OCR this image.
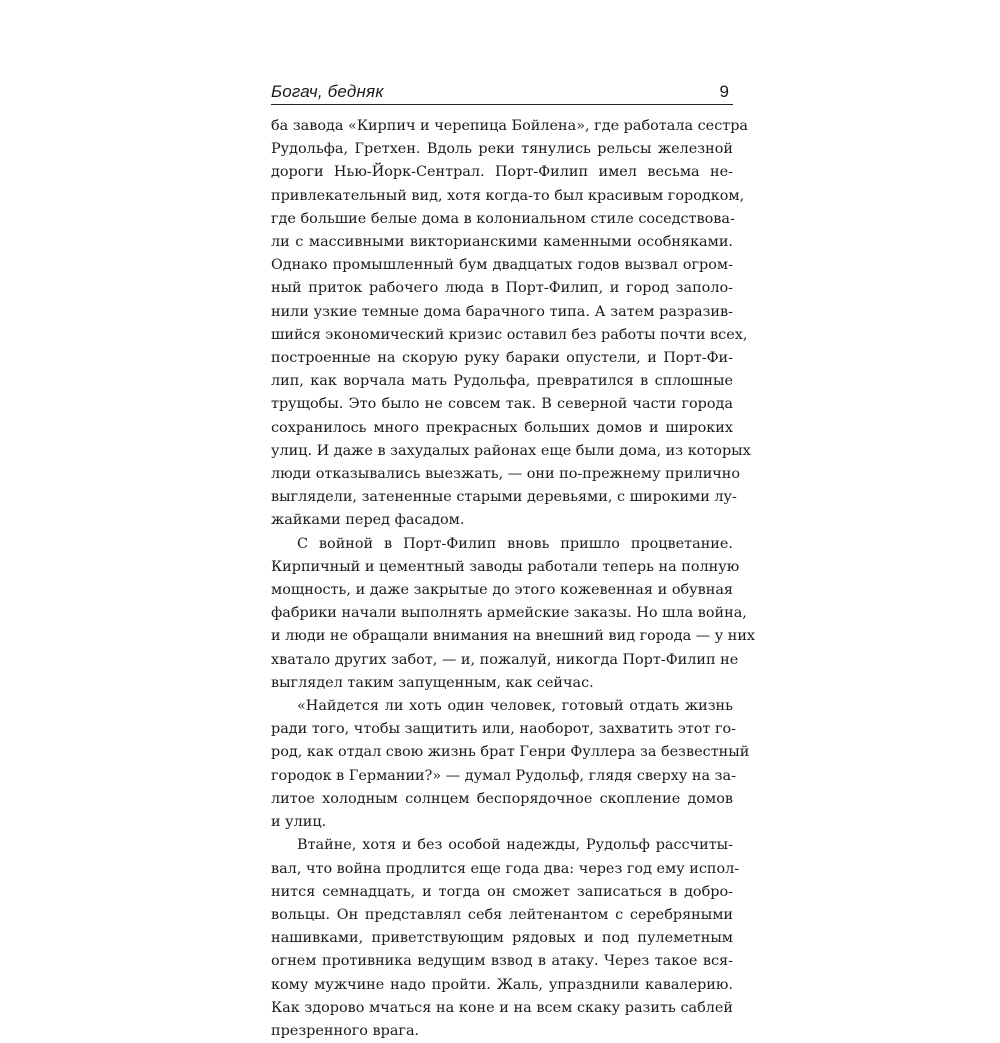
Богач, бедняк	9

ба завода «Кирпич и черепица Бойлена», где работала сестра
Рудольфа, Гретхен. Вдоль реки тянулись рельсы железной
дороги Нью-Йорк-Сентрал. Порт-Филип имел весьма не-
привлекательный вид, хотя когда-то был красивым городком,
где большие белые дома в колониальном стиле соседствова-
ли с массивными викторианскими каменными особняками.
Однако промышленный бум двадцатых годов вызвал огром-
ный приток рабочего люда в Порт-Филип, и город заполо-
нили узкие темные дома барачного типа. А затем разразив-
шийся экономический кризис оставил без работы почти всех,
построенные на скорую руку бараки опустели, и Порт-Фи-
лип, как ворчала мать Рудольфа, превратился в сплошные
трущобы. Это было не совсем так. В северной части города
сохранилось много прекрасных больших домов и широких
улиц. И даже в захудалых районах еще были дома, из которых
люди отказывались выезжать, — они по-прежнему прилично
выглядели, затененные старыми деревьями, с широкими лу-
жайками перед фасадом.

С войной в Порт-Филип вновь пришло процветание.
Кирпичный и цементный заводы работали теперь на полную
мощность, и даже закрытые до этого кожевенная и обувная
фабрики начали выполнять армейские заказы. Но шла война,
и люди не обращали внимания на внешний вид города — у них
хватало других забот, — и, пожалуй, никогда Порт-Филип не
выглядел таким запущенным, как сейчас.

«Найдется ли хоть один человек, готовый отдать жизнь
ради того, чтобы защитить или, наоборот, захватить этот го-
род, как отдал свою жизнь брат Генри Фуллера за безвестный
городок в Германии?» — думал Рудольф, глядя сверху на за-
литое холодным солнцем беспорядочное скопление домов
и улиц.

Втайне, хотя и без особой надежды, Рудольф рассчиты-
вал, что война продлится еще года два: через год ему испол-
нится семнадцать, и тогда он сможет записаться в добро-
вольцы. Он представлял себя лейтенантом с серебряными
нашивками, приветствующим рядовых и под пулеметным
огнем противника ведущим взвод в атаку. Через такое вся-
кому мужчине надо пройти. Жаль, упразднили кавалерию.
Как здорово мчаться на коне и на всем скаку разить саблей
презренного врага.
